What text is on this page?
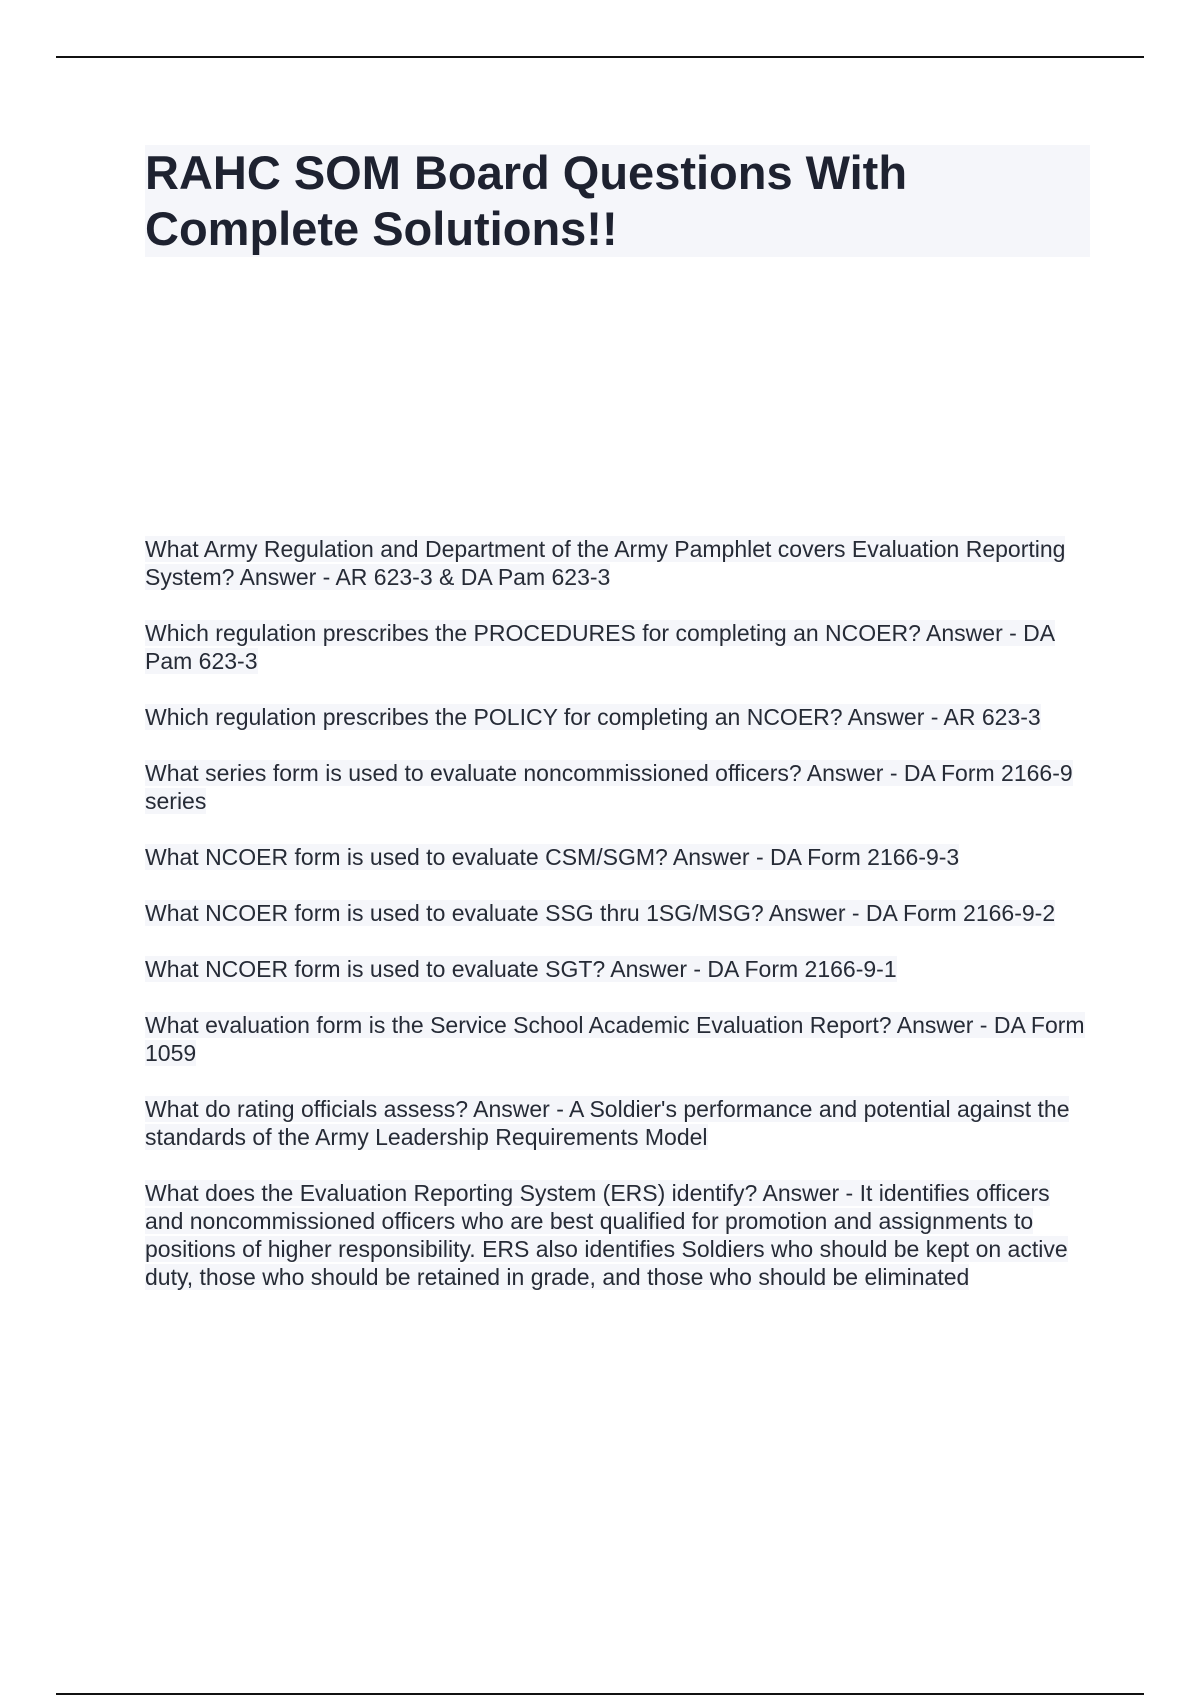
RAHC SOM Board Questions With Complete Solutions!!

What Army Regulation and Department of the Army Pamphlet covers Evaluation Reporting System? Answer - AR 623-3 & DA Pam 623-3

Which regulation prescribes the PROCEDURES for completing an NCOER? Answer - DA Pam 623-3

Which regulation prescribes the POLICY for completing an NCOER? Answer - AR 623-3

What series form is used to evaluate noncommissioned officers? Answer - DA Form 2166-9 series

What NCOER form is used to evaluate CSM/SGM? Answer - DA Form 2166-9-3

What NCOER form is used to evaluate SSG thru 1SG/MSG? Answer - DA Form 2166-9-2

What NCOER form is used to evaluate SGT? Answer - DA Form 2166-9-1

What evaluation form is the Service School Academic Evaluation Report? Answer - DA Form 1059

What do rating officials assess? Answer - A Soldier's performance and potential against the standards of the Army Leadership Requirements Model

What does the Evaluation Reporting System (ERS) identify? Answer - It identifies officers and noncommissioned officers who are best qualified for promotion and assignments to positions of higher responsibility. ERS also identifies Soldiers who should be kept on active duty, those who should be retained in grade, and those who should be eliminated
